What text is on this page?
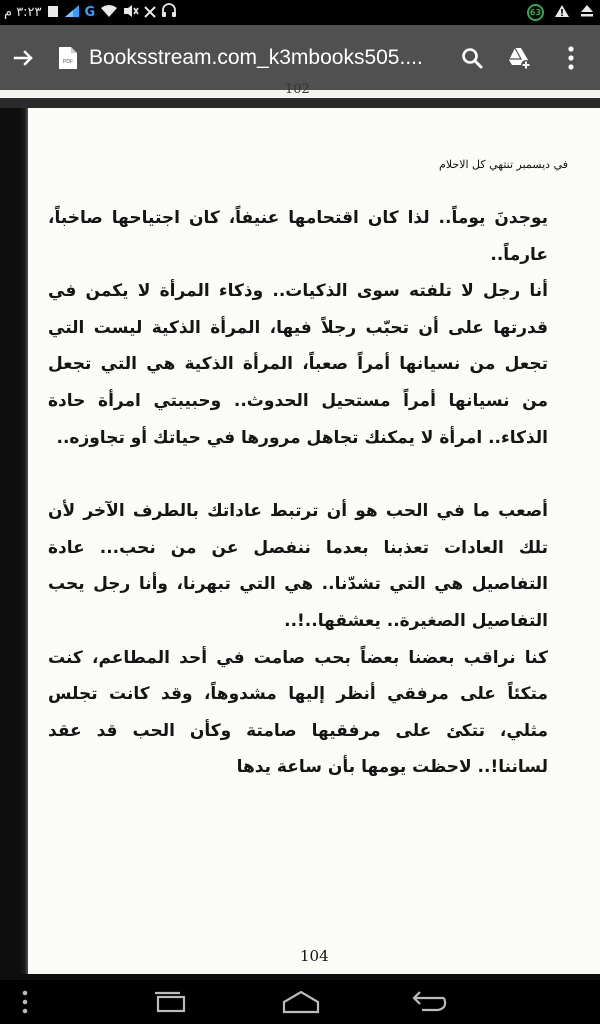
٣:٢٣ م	G	63
PDF Booksstream.com_k3mbooks505....
102
في ديسمبر تنتهي كل الاحلام

يوجدنَ يوماً.. لذا كان اقتحامها عنيفاً، كان اجتياحها صاخباً، عارماً..

أنا رجل لا تلفته سوى الذكيات.. وذكاء المرأة لا يكمن في قدرتها على أن تحبّب رجلاً فيها، المرأة الذكية ليست التي تجعل من نسيانها أمراً صعباً، المرأة الذكية هي التي تجعل من نسيانها أمراً مستحيل الحدوث.. وحبيبتي امرأة حادة الذكاء.. امرأة لا يمكنك تجاهل مرورها في حياتك أو تجاوزه..

أصعب ما في الحب هو أن ترتبط عاداتك بالطرف الآخر لأن تلك العادات تعذبنا بعدما ننفصل عن من نحب... عادة التفاصيل هي التي تشدّنا.. هي التي تبهرنا، وأنا رجل يحب التفاصيل الصغيرة.. يعشقها..!..

كنا نراقب بعضنا بعضاً بحب صامت في أحد المطاعم، كنت متكئاً على مرفقي أنظر إليها مشدوهاً، وقد كانت تجلس مثلي، تتكئ على مرفقيها صامتة وكأن الحب قد عقد لساننا!.. لاحظت يومها بأن ساعة يدها

104
